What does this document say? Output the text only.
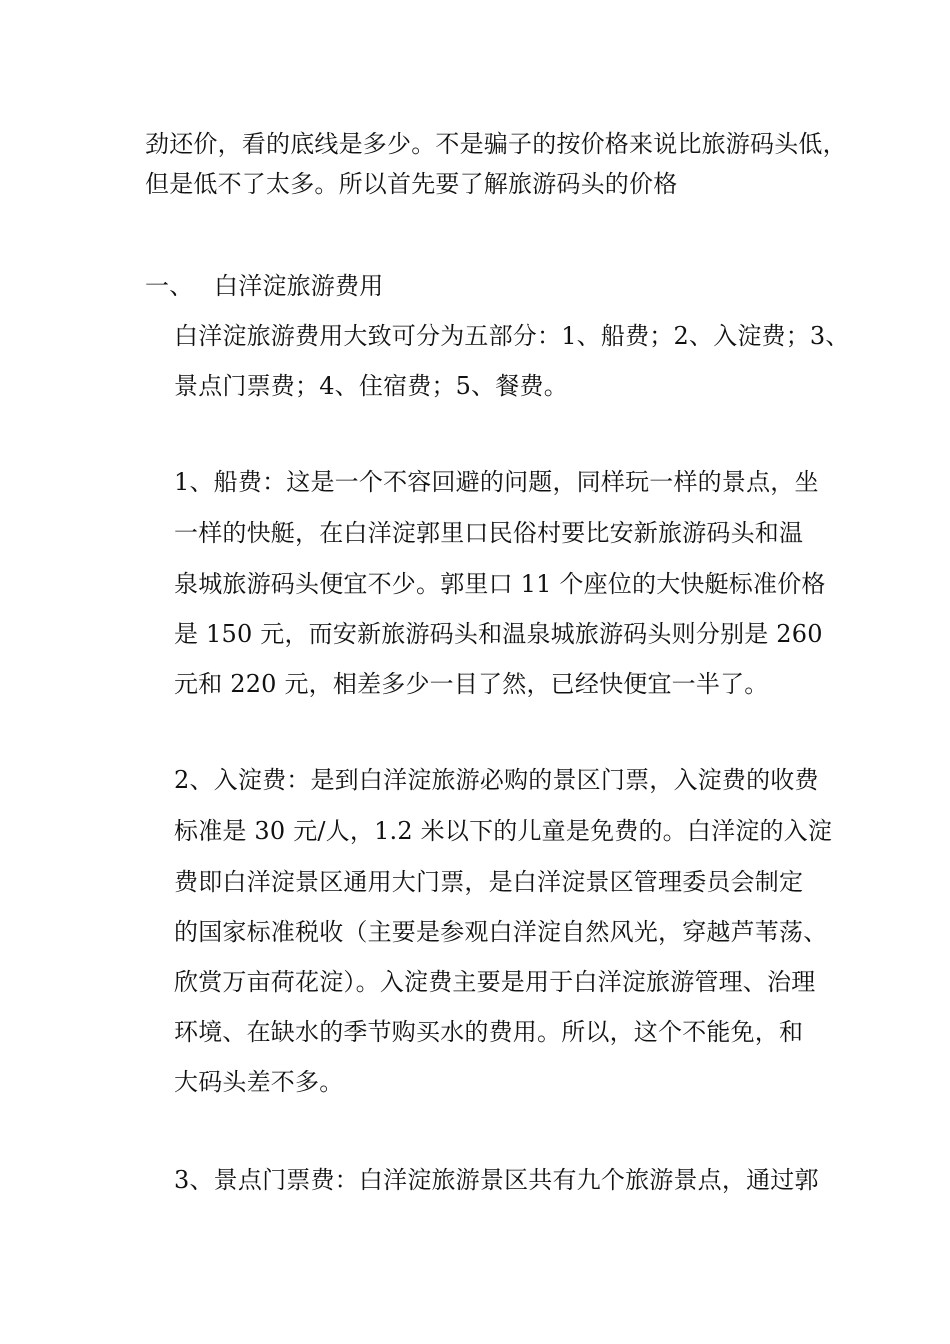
劲还价，看的底线是多少。不是骗子的按价格来说比旅游码头低，
但是低不了太多。所以首先要了解旅游码头的价格
一、 白洋淀旅游费用
白洋淀旅游费用大致可分为五部分：1、船费；2、入淀费；3、
景点门票费；4、住宿费；5、餐费。
1、船费：这是一个不容回避的问题，同样玩一样的景点，坐
一样的快艇，在白洋淀郭里口民俗村要比安新旅游码头和温
泉城旅游码头便宜不少。郭里口 11 个座位的大快艇标准价格
是 150 元，而安新旅游码头和温泉城旅游码头则分别是 260
元和 220 元，相差多少一目了然，已经快便宜一半了。
2、入淀费：是到白洋淀旅游必购的景区门票，入淀费的收费
标准是 30 元/人，1.2 米以下的儿童是免费的。白洋淀的入淀
费即白洋淀景区通用大门票，是白洋淀景区管理委员会制定
的国家标准税收（主要是参观白洋淀自然风光，穿越芦苇荡、
欣赏万亩荷花淀）。入淀费主要是用于白洋淀旅游管理、治理
环境、在缺水的季节购买水的费用。所以，这个不能免，和
大码头差不多。
3、景点门票费：白洋淀旅游景区共有九个旅游景点，通过郭
